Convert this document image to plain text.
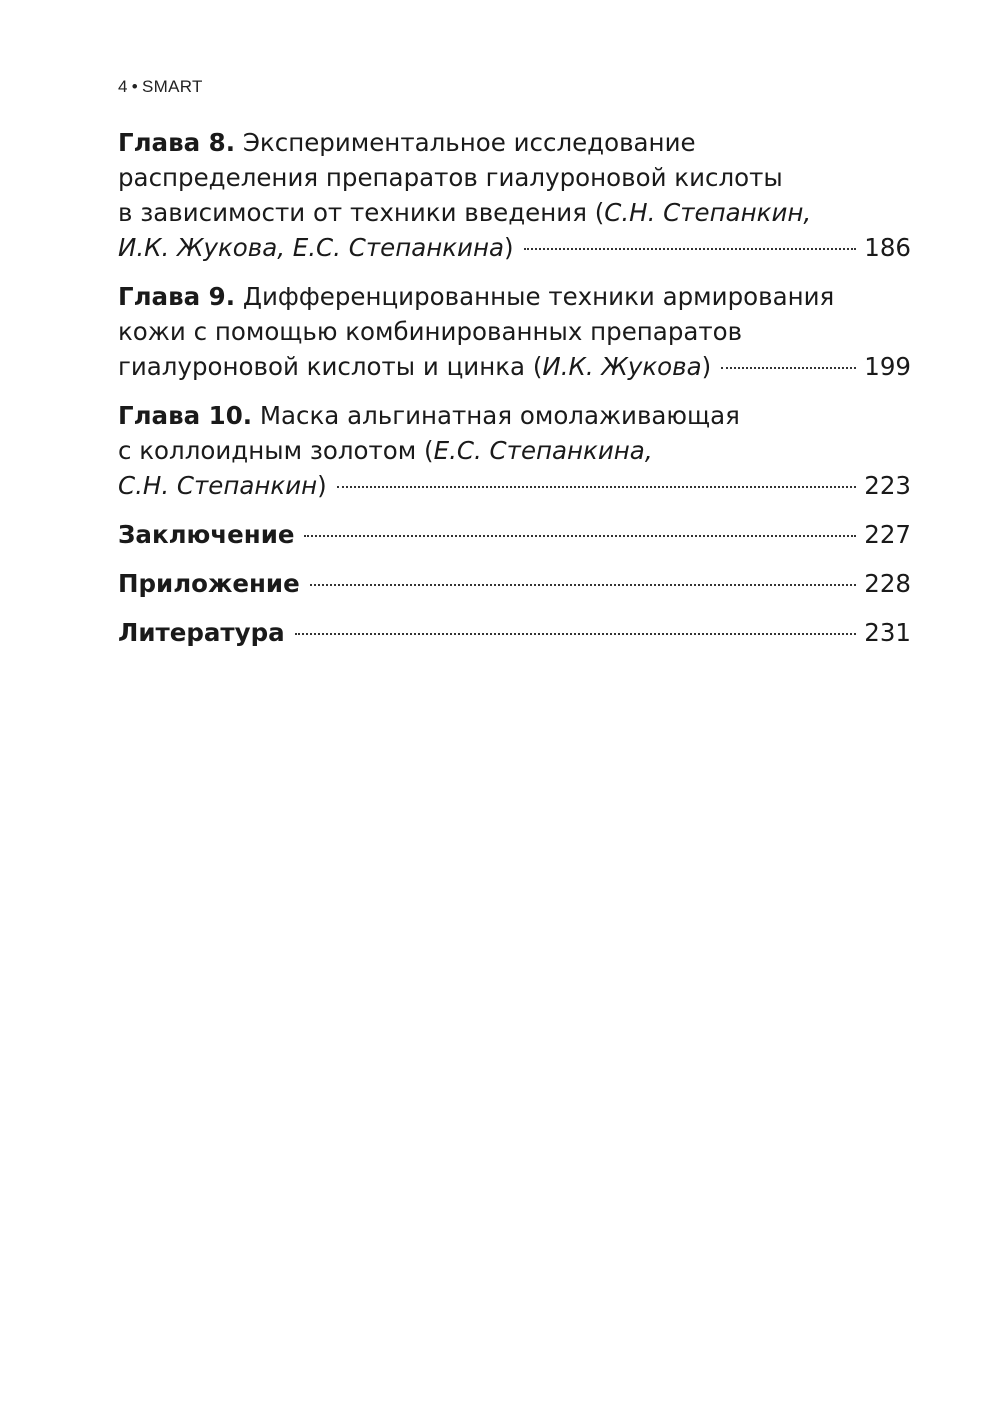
4 • SMART
Глава 8. Экспериментальное исследование
распределения препаратов гиалуроновой кислоты
в зависимости от техники введения (С.Н. Степанкин,
И.К. Жукова, Е.С. Степанкина)	186
Глава 9. Дифференцированные техники армирования
кожи с помощью комбинированных препаратов
гиалуроновой кислоты и цинка (И.К. Жукова)	199
Глава 10. Маска альгинатная омолаживающая
с коллоидным золотом (Е.С. Степанкина,
С.Н. Степанкин)	223
Заключение	227
Приложение	228
Литература	231
